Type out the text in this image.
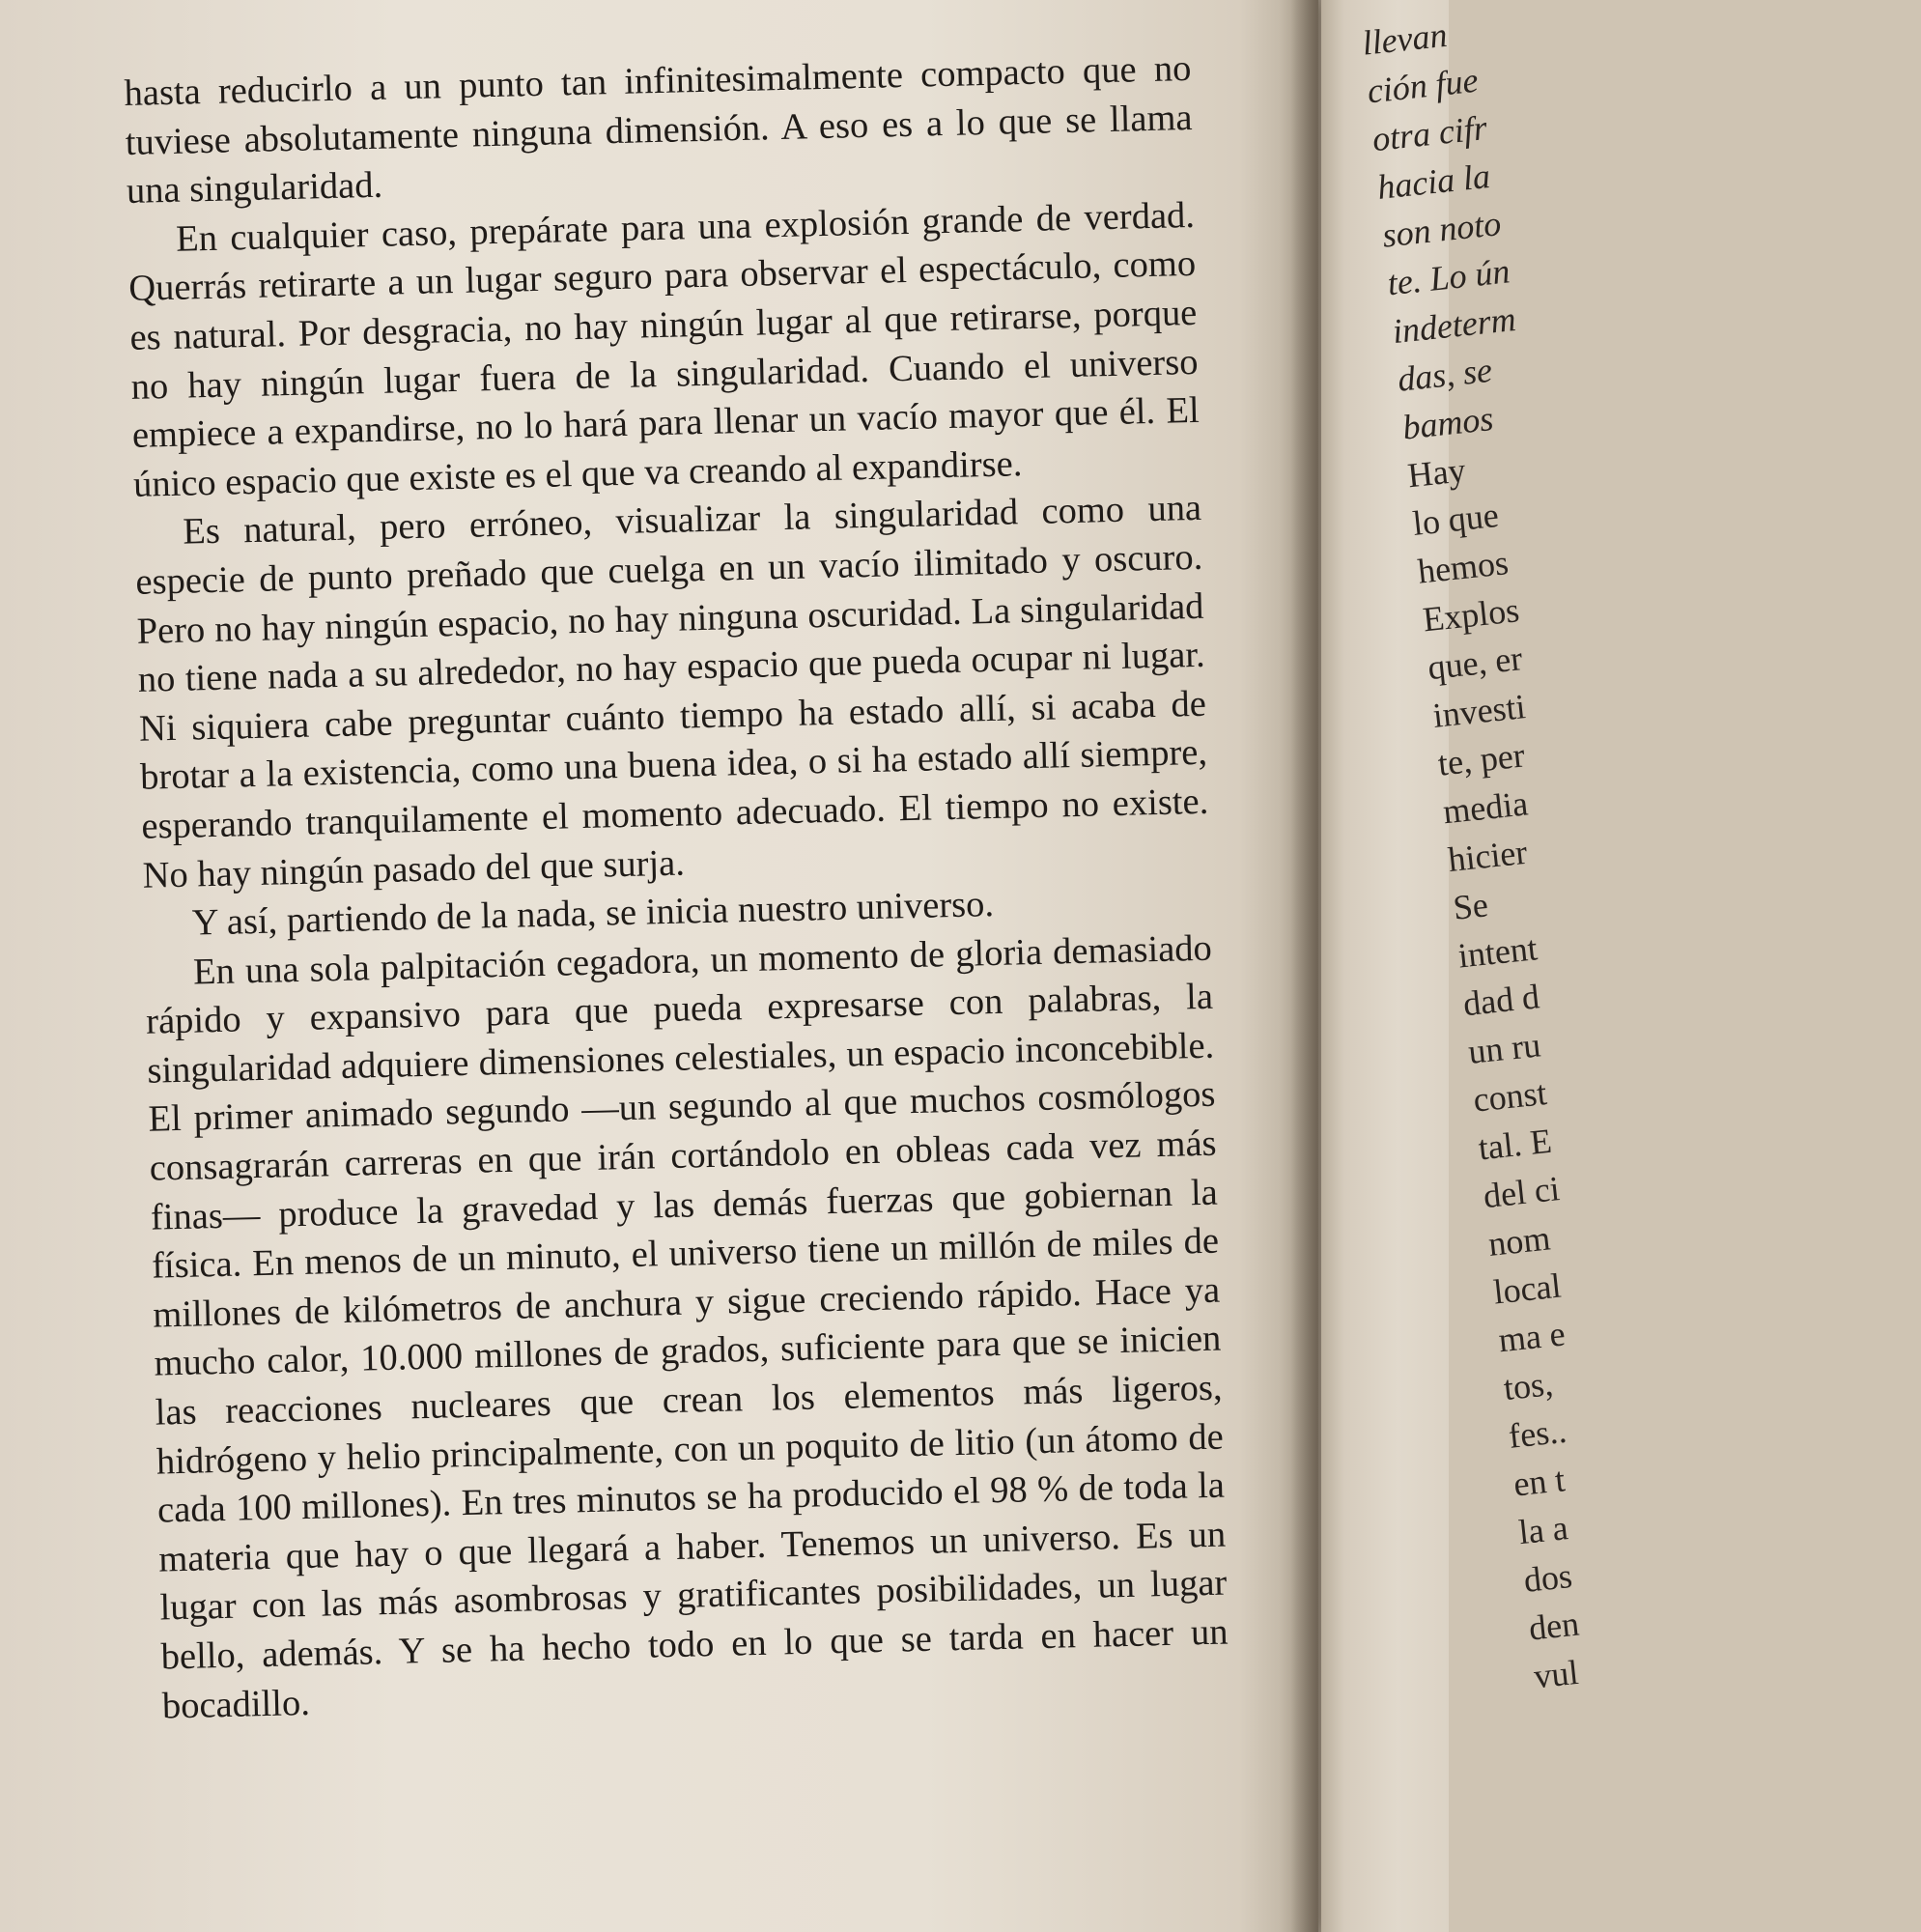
hasta reducirlo a un punto tan infinitesimalmente compacto que no tuviese absolutamente ninguna dimensión. A eso es a lo que se llama una singularidad.

En cualquier caso, prepárate para una explosión grande de verdad. Querrás retirarte a un lugar seguro para observar el espectáculo, como es natural. Por desgracia, no hay ningún lugar al que retirarse, porque no hay ningún lugar fuera de la singularidad. Cuando el universo empiece a expandirse, no lo hará para llenar un vacío mayor que él. El único espacio que existe es el que va creando al expandirse.

Es natural, pero erróneo, visualizar la singularidad como una especie de punto preñado que cuelga en un vacío ilimitado y oscuro. Pero no hay ningún espacio, no hay ninguna oscuridad. La singularidad no tiene nada a su alrededor, no hay espacio que pueda ocupar ni lugar. Ni siquiera cabe preguntar cuánto tiempo ha estado allí, si acaba de brotar a la existencia, como una buena idea, o si ha estado allí siempre, esperando tranquilamente el momento adecuado. El tiempo no existe. No hay ningún pasado del que surja.

Y así, partiendo de la nada, se inicia nuestro universo.

En una sola palpitación cegadora, un momento de gloria demasiado rápido y expansivo para que pueda expresarse con palabras, la singularidad adquiere dimensiones celestiales, un espacio inconcebible. El primer animado segundo —un segundo al que muchos cosmólogos consagrarán carreras en que irán cortándolo en obleas cada vez más finas— produce la gravedad y las demás fuerzas que gobiernan la física. En menos de un minuto, el universo tiene un millón de miles de millones de kilómetros de anchura y sigue creciendo rápido. Hace ya mucho calor, 10.000 millones de grados, suficiente para que se inicien las reacciones nucleares que crean los elementos más ligeros, hidrógeno y helio principalmente, con un poquito de litio (un átomo de cada 100 millones). En tres minutos se ha producido el 98 % de toda la materia que hay o que llegará a haber. Tenemos un universo. Es un lugar con las más asombrosas y gratificantes posibilidades, un lugar bello, además. Y se ha hecho todo en lo que se tarda en hacer un bocadillo.

llevan
ción fue
otra cifr
hacia la
son noto
te. Lo ún
indeterm
das, se
bamos
Hay
lo que
hemos
Explos
que, er
investi
te, per
media
hicier
Se
intent
dad d
un ru
const
tal. E
del ci
nom
local
ma e
tos,
fes..
en t
la a
dos
den
vul
